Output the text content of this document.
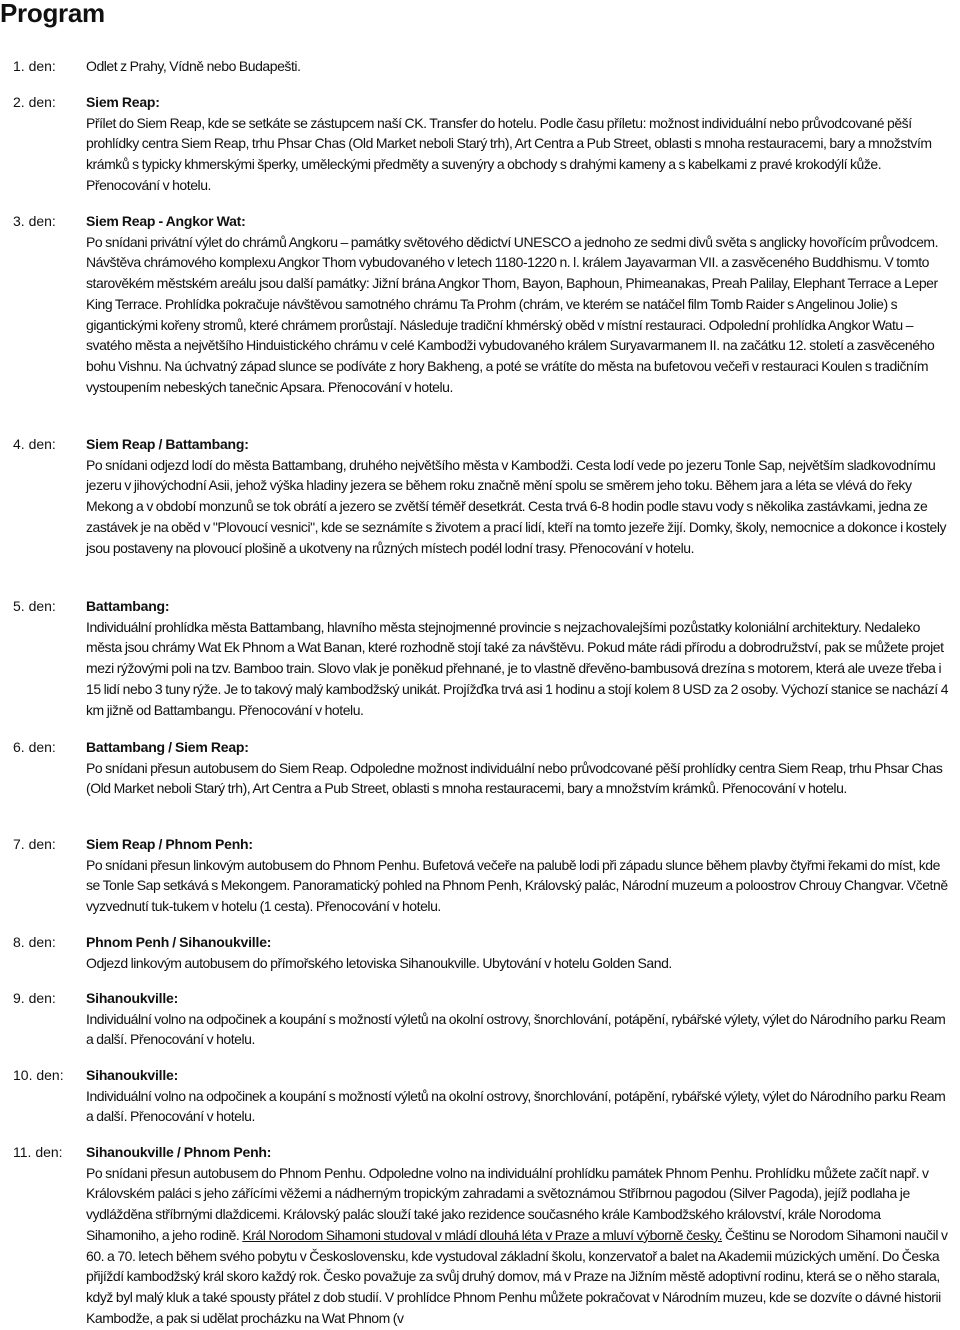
Program
1. den: Odlet z Prahy, Vídně nebo Budapešti.
2. den: Siem Reap:
Přílet do Siem Reap, kde se setkáte se zástupcem naší CK. Transfer do hotelu. Podle času příletu: možnost individuální nebo průvodcované pěší prohlídky centra Siem Reap, trhu Phsar Chas (Old Market neboli Starý trh), Art Centra a Pub Street, oblasti s mnoha restauracemi, bary a množstvím krámků s typicky khmerskými šperky, uměleckými předměty a suvenýry a obchody s drahými kameny a s kabelkami z pravé krokodýlí kůže. Přenocování v hotelu.
3. den: Siem Reap - Angkor Wat:
Po snídani privátní výlet do chrámů Angkoru – památky světového dědictví UNESCO a jednoho ze sedmi divů světa s anglicky hovořícím průvodcem. Návštěva chrámového komplexu Angkor Thom vybudovaného v letech 1180-1220 n. l. králem Jayavarman VII. a zasvěceného Buddhismu. V tomto starověkém městském areálu jsou další památky: Jižní brána Angkor Thom, Bayon, Baphoun, Phimeanakas, Preah Palilay, Elephant Terrace a Leper King Terrace. Prohlídka pokračuje návštěvou samotného chrámu Ta Prohm (chrám, ve kterém se natáčel film Tomb Raider s Angelinou Jolie) s gigantickými kořeny stromů, které chrámem prorůstají. Následuje tradiční khmérský oběd v místní restauraci. Odpolední prohlídka Angkor Watu – svatého města a největšího Hinduistického chrámu v celé Kambodži vybudovaného králem Suryavarmanem II. na začátku 12. století a zasvěceného bohu Vishnu. Na úchvatný západ slunce se podíváte z hory Bakheng, a poté se vrátíte do města na bufetovou večeři v restauraci Koulen s tradičním vystoupením nebeských tanečnic Apsara. Přenocování v hotelu.
4. den: Siem Reap / Battambang:
Po snídani odjezd lodí do města Battambang, druhého největšího města v Kambodži. Cesta lodí vede po jezeru Tonle Sap, největším sladkovodnímu jezeru v jihovýchodní Asii, jehož výška hladiny jezera se během roku značně mění spolu se směrem jeho toku. Během jara a léta se vlévá do řeky Mekong a v období monzunů se tok obrátí a jezero se zvětší téměř desetkrát. Cesta trvá 6-8 hodin podle stavu vody s několika zastávkami, jedna ze zastávek je na oběd v "Plovoucí vesnici", kde se seznámíte s životem a prací lidí, kteří na tomto jezeře žijí. Domky, školy, nemocnice a dokonce i kostely jsou postaveny na plovoucí plošině a ukotveny na různých místech podél lodní trasy. Přenocování v hotelu.
5. den: Battambang:
Individuální prohlídka města Battambang, hlavního města stejnojmenné provincie s nejzachovalejšími pozůstatky koloniální architektury. Nedaleko města jsou chrámy Wat Ek Phnom a Wat Banan, které rozhodně stojí také za návštěvu. Pokud máte rádi přírodu a dobrodružství, pak se můžete projet mezi rýžovými poli na tzv. Bamboo train. Slovo vlak je poněkud přehnané, je to vlastně dřevěno-bambusová drezína s motorem, která ale uveze třeba i 15 lidí nebo 3 tuny rýže. Je to takový malý kambodžský unikát. Projížďka trvá asi 1 hodinu a stojí kolem 8 USD za 2 osoby. Výchozí stanice se nachází 4 km jižně od Battambangu. Přenocování v hotelu.
6. den: Battambang / Siem Reap:
Po snídani přesun autobusem do Siem Reap. Odpoledne možnost individuální nebo průvodcované pěší prohlídky centra Siem Reap, trhu Phsar Chas (Old Market neboli Starý trh), Art Centra a Pub Street, oblasti s mnoha restauracemi, bary a množstvím krámků. Přenocování v hotelu.
7. den: Siem Reap / Phnom Penh:
Po snídani přesun linkovým autobusem do Phnom Penhu. Bufetová večeře na palubě lodi při západu slunce během plavby čtyřmi řekami do míst, kde se Tonle Sap setkává s Mekongem. Panoramatický pohled na Phnom Penh, Královský palác, Národní muzeum a poloostrov Chrouy Changvar. Včetně vyzvednutí tuk-tukem v hotelu (1 cesta). Přenocování v hotelu.
8. den: Phnom Penh / Sihanoukville:
Odjezd linkovým autobusem do přímořského letoviska Sihanoukville. Ubytování v hotelu Golden Sand.
9. den: Sihanoukville:
Individuální volno na odpočinek a koupání s možností výletů na okolní ostrovy, šnorchlování, potápění, rybářské výlety, výlet do Národního parku Ream a další. Přenocování v hotelu.
10. den: Sihanoukville:
Individuální volno na odpočinek a koupání s možností výletů na okolní ostrovy, šnorchlování, potápění, rybářské výlety, výlet do Národního parku Ream a další. Přenocování v hotelu.
11. den: Sihanoukville / Phnom Penh:
Po snídani přesun autobusem do Phnom Penhu. Odpoledne volno na individuální prohlídku památek Phnom Penhu. Prohlídku můžete začít např. v Královském paláci s jeho zářícími věžemi a nádherným tropickým zahradami a světoznámou Stříbrnou pagodou (Silver Pagoda), jejíž podlaha je vydlážděna stříbrnými dlaždicemi. Královský palác slouží také jako rezidence současného krále Kambodžského království, krále Norodoma Sihamoniho, a jeho rodině. Král Norodom Sihamoni studoval v mládí dlouhá léta v Praze a mluví výborně česky. Češtinu se Norodom Sihamoni naučil v 60. a 70. letech během svého pobytu v Československu, kde vystudoval základní školu, konzervatoř a balet na Akademii múzických umění. Do Česka přijíždí kambodžský král skoro každý rok. Česko považuje za svůj druhý domov, má v Praze na Jižním městě adoptivní rodinu, která se o něho starala, když byl malý kluk a také spousty přátel z dob studií. V prohlídce Phnom Penhu můžete pokračovat v Národním muzeu, kde se dozvíte o dávné historii Kambodže, a pak si udělat procházku na Wat Phnom (v
